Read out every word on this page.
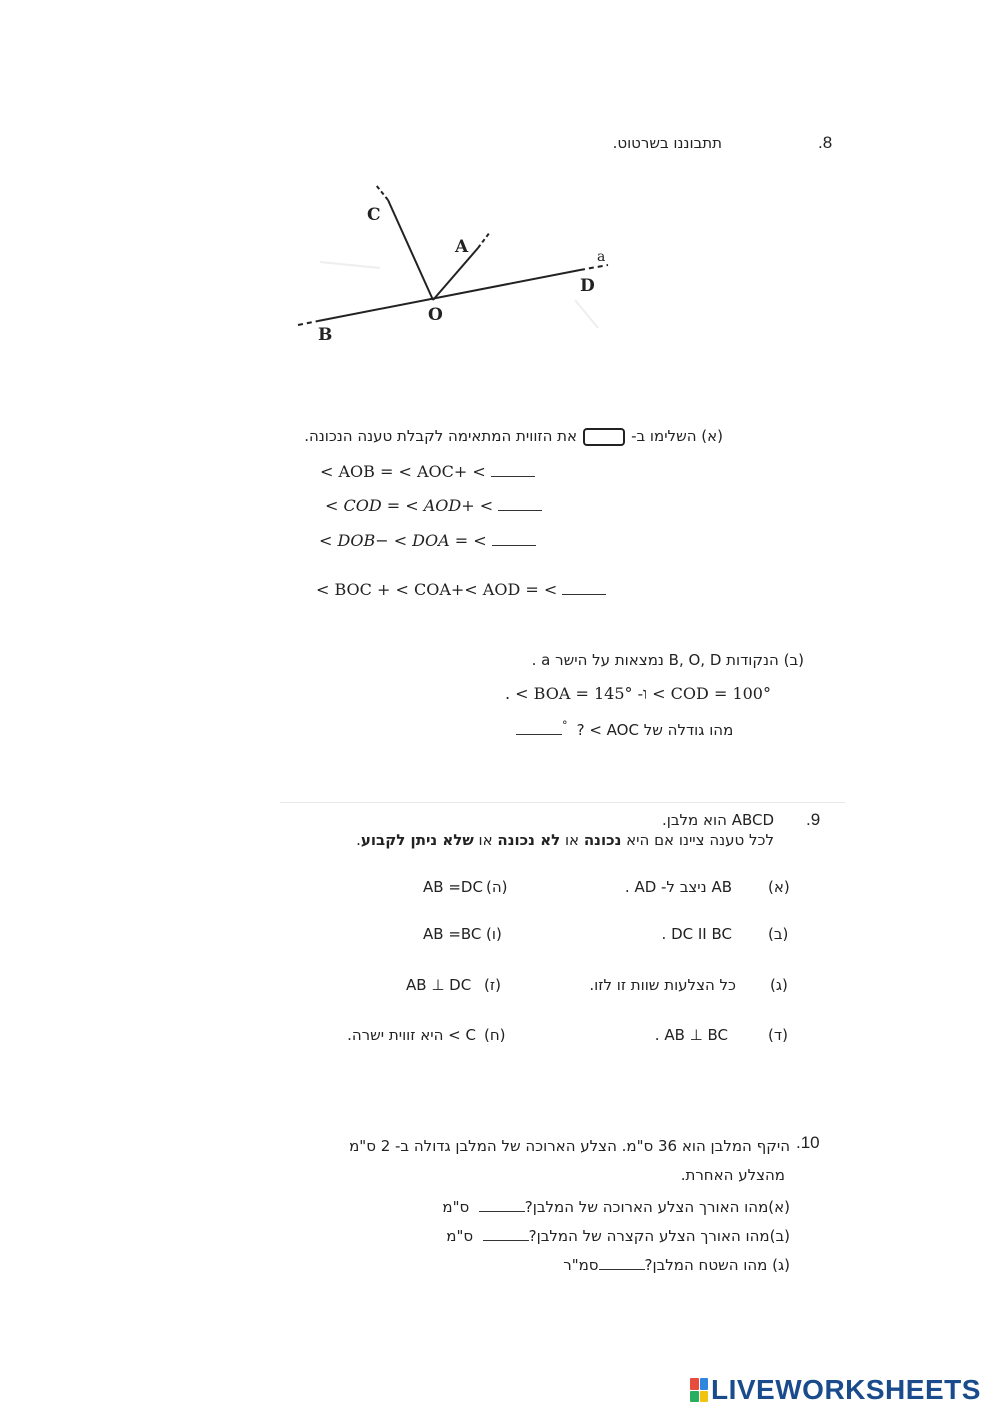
.8
תתבוננו בשרטוט.
C
A	a
D
O
B
(א) השלימו ב-את הזווית המתאימה לקבלת טענה הנכונה.
< AOB = < AOC+ <
< COD = < AOD+ <
< DOB− < DOA = <
< BOC + < COA+< AOD = <
(ב) הנקודות B, O, D נמצאות על הישר a .
. < BOA = 145° -ו < COD = 100°
° מהו גודלה של AOC > ?
.9
ABCD הוא מלבן.
לכל טענה ציינו אם היא נכונה או לא נכונה או שלא ניתן לקבוע.
(א)
AB ניצב ל- AD .
(ב)
DC II BC .
(ג)
כל הצלעות שוות זו לזו.
(ד)
AB ⊥ BC .
(ה)
AB =DC
(ו)
AB =BC
(ז)
AB ⊥ DC
(ח)
C > היא זווית ישרה.
.10
היקף המלבן הוא 36 ס"מ. הצלע הארוכה של המלבן גדולה ב- 2 ס"מ
מהצלע האחרת.
(א)מהו האורך הצלע הארוכה של המלבן?  ס"מ
(ב)מהו האורך הצלע הקצרה של המלבן?  ס"מ
(ג) מהו השטח המלבן?סמ"ר
LIVEWORKSHEETS
